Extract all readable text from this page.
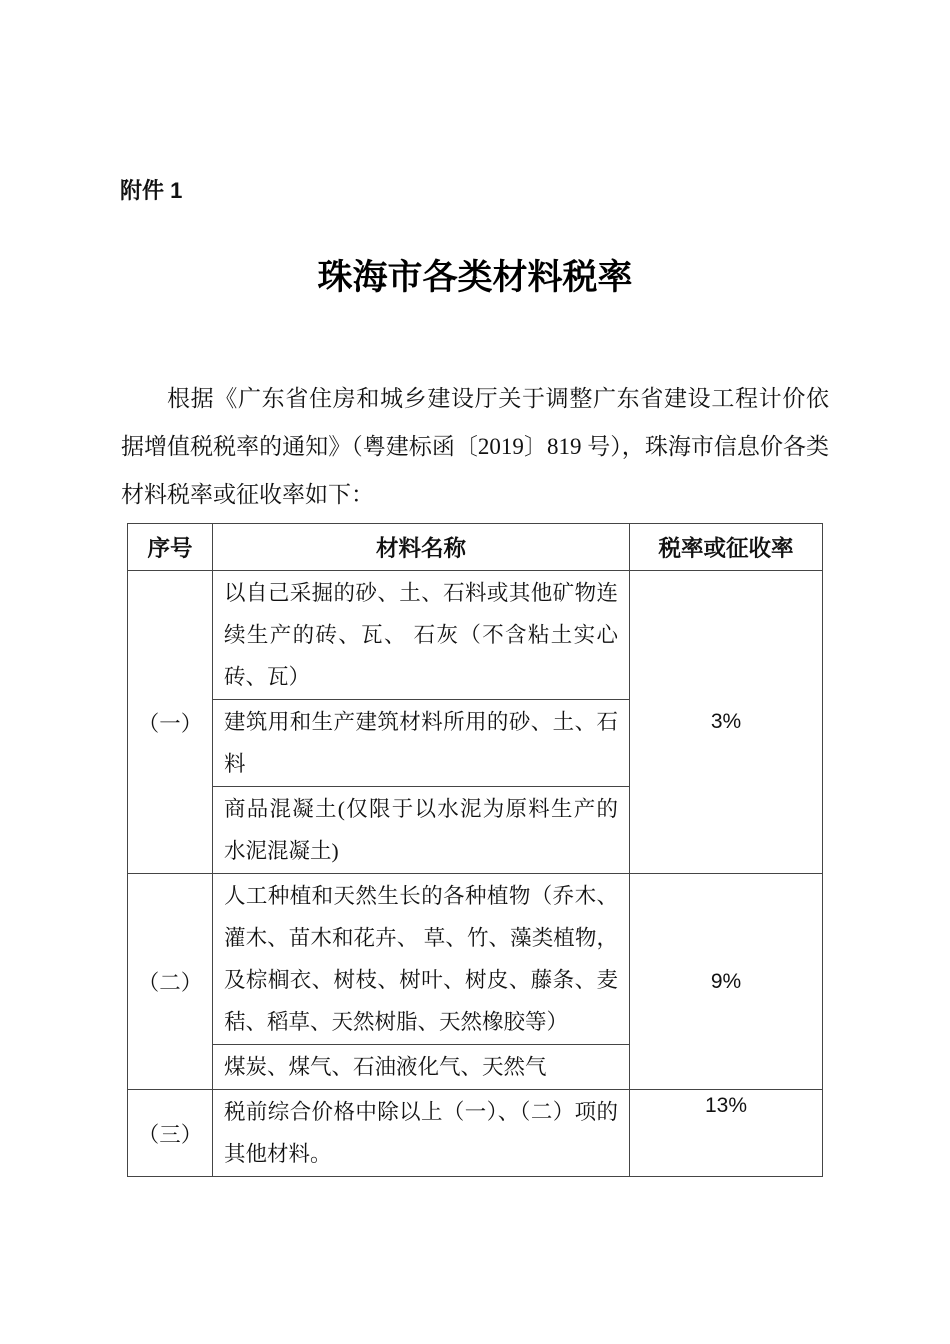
附件 1
珠海市各类材料税率

根据《广东省住房和城乡建设厅关于调整广东省建设工程计价依据增值税税率的通知》（粤建标函〔2019〕819 号），珠海市信息价各类材料税率或征收率如下：

序号	材料名称	税率或征收率
（一）	以自己采掘的砂、土、石料或其他矿物连续生产的砖、瓦、 石灰（不含粘土实心砖、瓦）	3%
	建筑用和生产建筑材料所用的砂、土、石料	
	商品混凝土(仅限于以水泥为原料生产的水泥混凝土)	
（二）	人工种植和天然生长的各种植物（乔木、灌木、苗木和花卉、 草、竹、藻类植物，及棕榈衣、树枝、树叶、树皮、藤条、麦秸、稻草、天然树脂、天然橡胶等）	9%
	煤炭、煤气、石油液化气、天然气	
（三）	税前综合价格中除以上（一）、（二）项的其他材料。	13%
